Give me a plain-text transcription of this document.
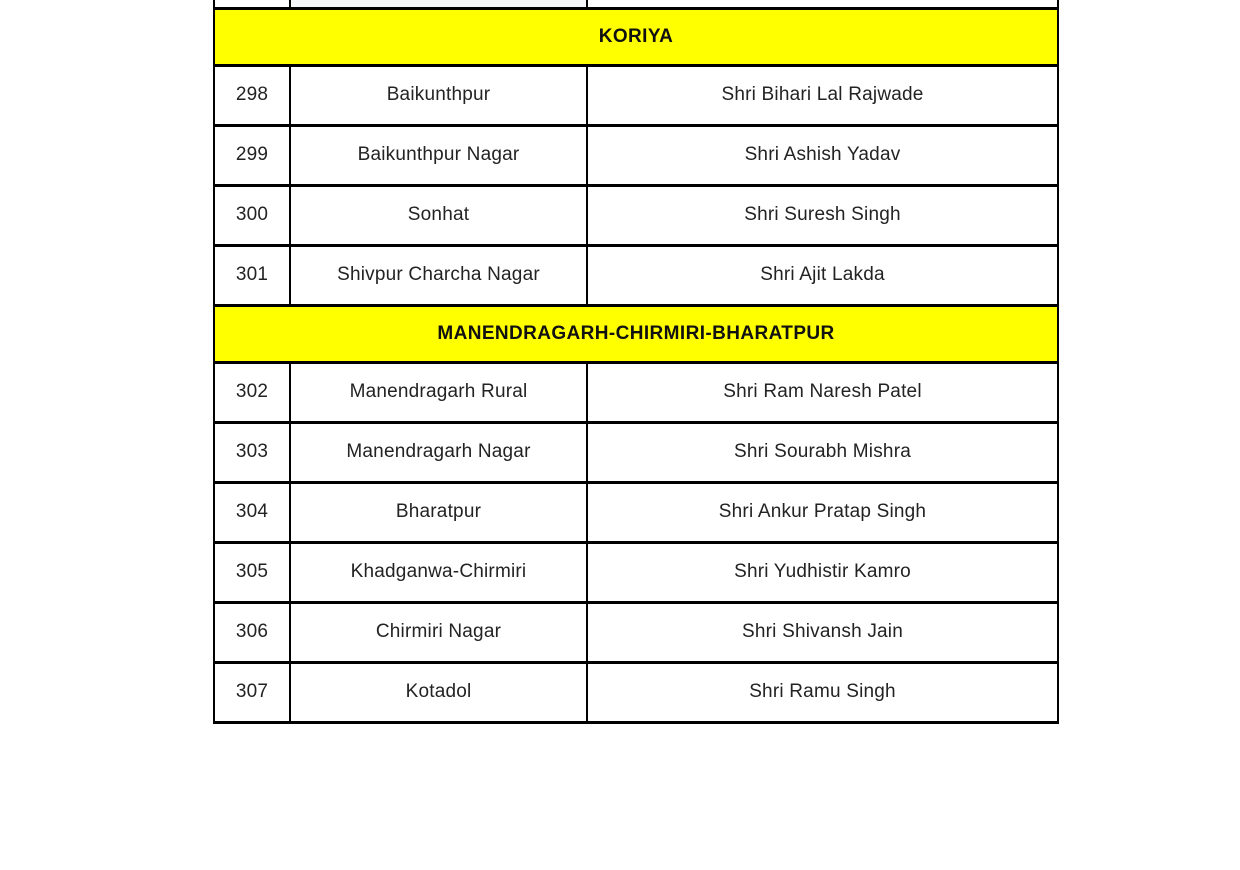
KORIYA
298	Baikunthpur	Shri Bihari Lal Rajwade
299	Baikunthpur Nagar	Shri Ashish Yadav
300	Sonhat	Shri Suresh Singh
301	Shivpur Charcha Nagar	Shri Ajit Lakda
MANENDRAGARH-CHIRMIRI-BHARATPUR
302	Manendragarh Rural	Shri Ram Naresh Patel
303	Manendragarh Nagar	Shri Sourabh Mishra
304	Bharatpur	Shri Ankur Pratap Singh
305	Khadganwa-Chirmiri	Shri Yudhistir Kamro
306	Chirmiri Nagar	Shri Shivansh Jain
307	Kotadol	Shri Ramu Singh
